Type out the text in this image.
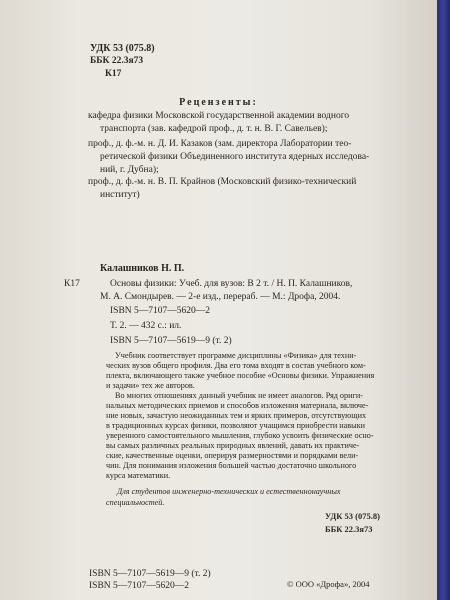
УДК 53 (075.8)
ББК 22.3я73
К17
Рецензенты:
кафедра физики Московской государственной академии водного
транспорта (зав. кафедрой проф., д. т. н. В. Г. Савельев);
проф., д. ф.-м. н. Д. И. Казаков (зам. директора Лаборатории тео-
ретической физики Объединенного института ядерных исследова-
ний, г. Дубна);
проф., д. ф.-м. н. В. П. Крайнов (Московский физико-технический
институт)
Калашников Н. П.
К17	Основы физики: Учеб. для вузов: В 2 т. / Н. П. Калашников,
М. А. Смондырев. — 2-е изд., перераб. — М.: Дрофа, 2004.
ISBN 5—7107—5620—2
Т. 2. — 432 с.: ил.
ISBN 5—7107—5619—9 (т. 2)
Учебник соответствует программе дисциплины «Физика» для техни-
ческих вузов общего профиля. Два его тома входят в состав учебного ком-
плекта, включающего также учебное пособие «Основы физики. Упражнения
и задачи» тех же авторов.
Во многих отношениях данный учебник не имеет аналогов. Ряд ориги-
нальных методических приемов и способов изложения материала, включе-
ние новых, зачастую неожиданных тем и ярких примеров, отсутствующих
в традиционных курсах физики, позволяют учащимся приобрести навыки
уверенного самостоятельного мышления, глубоко усвоить физические осно-
вы самых различных реальных природных явлений, давать их практиче-
ские, качественные оценки, оперируя размерностями и порядками вели-
чин. Для понимания изложения большей частью достаточно школьного
курса математики.
Для студентов инженерно-технических и естественнонаучных
специальностей.
УДК 53 (075.8)
ББК 22.3я73
ISBN 5—7107—5619—9 (т. 2)
ISBN 5—7107—5620—2	© ООО «Дрофа», 2004
